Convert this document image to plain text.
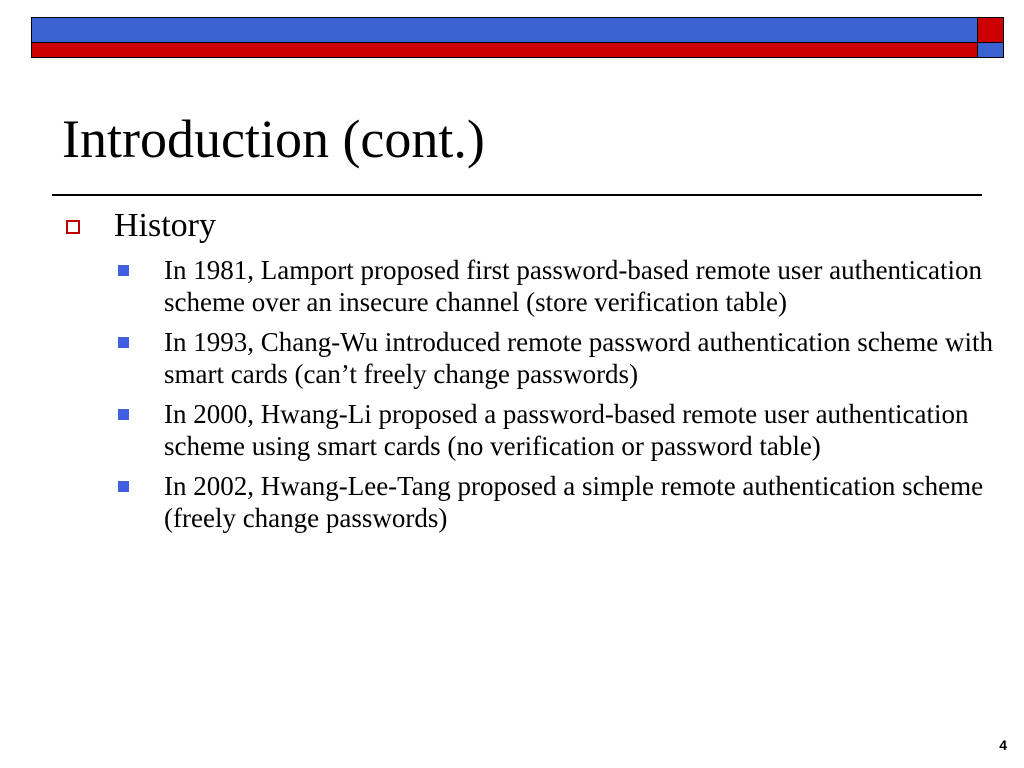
Introduction (cont.)
History
In 1981, Lamport proposed first password-based remote user authentication scheme over an insecure channel (store verification table)
In 1993, Chang-Wu introduced remote password authentication scheme with smart cards (can’t freely change passwords)
In 2000, Hwang-Li proposed a password-based remote user authentication scheme using smart cards (no verification or password table)
In 2002, Hwang-Lee-Tang proposed a simple remote authentication scheme (freely change passwords)
4
